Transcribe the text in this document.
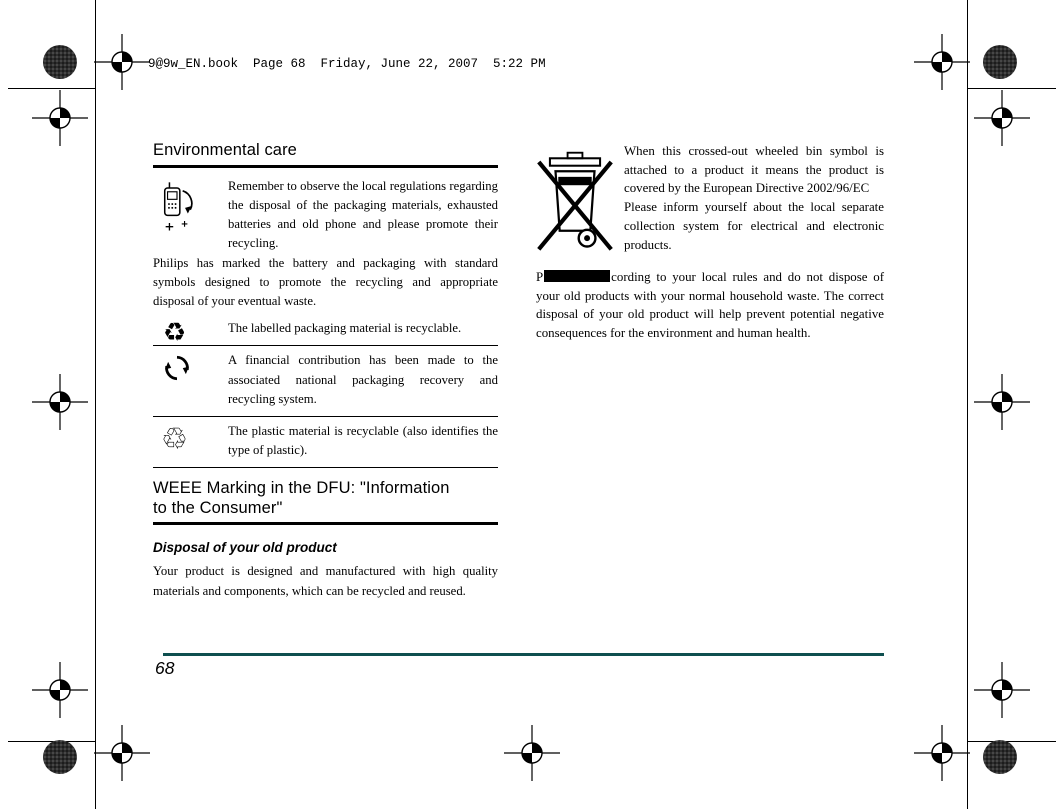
9@9w_EN.book  Page 68  Friday, June 22, 2007  5:22 PM
Environmental care
Remember to observe the local regulations regarding the disposal of the packaging materials, exhausted batteries and old phone and please promote their recycling.

Philips has marked the battery and packaging with standard symbols designed to promote the recycling and appropriate disposal of your eventual waste.

♻	The labelled packaging material is recyclable.
A financial contribution has been made to the associated national packaging recovery and recycling system.
♲	The plastic material is recyclable (also identifies the type of plastic).
WEEE Marking in the DFU: "Information to the Consumer"
Disposal of your old product

Your product is designed and manufactured with high quality materials and components, which can be recycled and reused.

When this crossed-out wheeled bin symbol is attached to a product it means the product is covered by the European Directive 2002/96/EC

Please inform yourself about the local separate collection system for electrical and electronic products.

P	cording to your local rules and do not dispose of your old products with your normal household waste. The correct disposal of your old product will help prevent potential negative consequences for the environment and human health.

68
